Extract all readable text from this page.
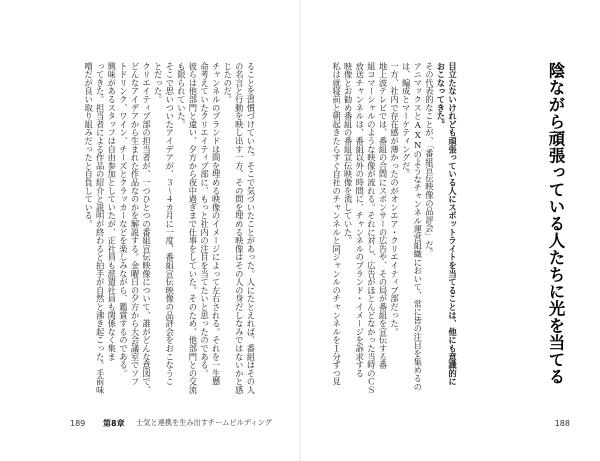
陰ながら頑張っている人たちに光を当てる
目立たないけれども頑張っている人にスポットライトを当てることは、他にも意識的に
おこなってきた。
その代表的なことが、「番組宣伝映像の品評会」だ。
アニマックスとAXNのようなチャンネル運営組織において、常に皆の注目を集めるの
は、編成とマーケティングだ。
一方、社内で存在感が薄かったのがオンエア・クリエイティブ部だった。
地上波テレビでは、番組の合間にスポンサーの広告や、その局が番組を宣伝する番
組コマーシャルのような映像が流れる。それに対し、広告がほとんどなかった当時のＣＳ
放送チャンネルは、番組以外の時間に、チャンネルのブランド・イメージを訴求する
映像とお勧め番組の番組宣伝映像を流していた。
私は就寝前と朝起きたらすぐ自社のチャンネルと同ジャンルのチャンネルを１分ずつ見
188
ることを習慣づけていた。そこで気づいたことがあった。人にたとえれば、番組はその人
の名言と行動を映し出す一方、その間を埋める映像はその人の身だしなみではないかと感
じたのだ。
チャンネルのブランドは間を埋める映像のイメージによって左右される。それを一生懸
命考えていたクリエイティブ部に、もっと社内の注目を当てたいと思ったのである。
彼らは他部門と違い、夕方から夜中過ぎまで仕事をしていた。そのため、他部門との交流
も限られていた。
そこで思いついたアイデアが、３〜４カ月に一度、番組宣伝映像の品評会をおこなうこ
とだった。
クリエイティブ部の担当者が、一つひとつの番組宣伝映像について、誰がどんな意図で、
どんなアイデアから生まれた作品なのかを解説する。金曜日の夕方から大会議室でソフ
トドリンク、ワイン、チーズとクラッカーなどを楽しみながら、鑑賞するのである。
興味があるスタッフは自由参加としていたが、正社員も派遣社員も関係なく集ま
ってきた。担当者による作品の紹介と説明が終わると拍手が自然と沸き起こった。手前味
噌だが良い取り組みだったと自負している。
189 第8章 士気と連携を生み出すチームビルディング
